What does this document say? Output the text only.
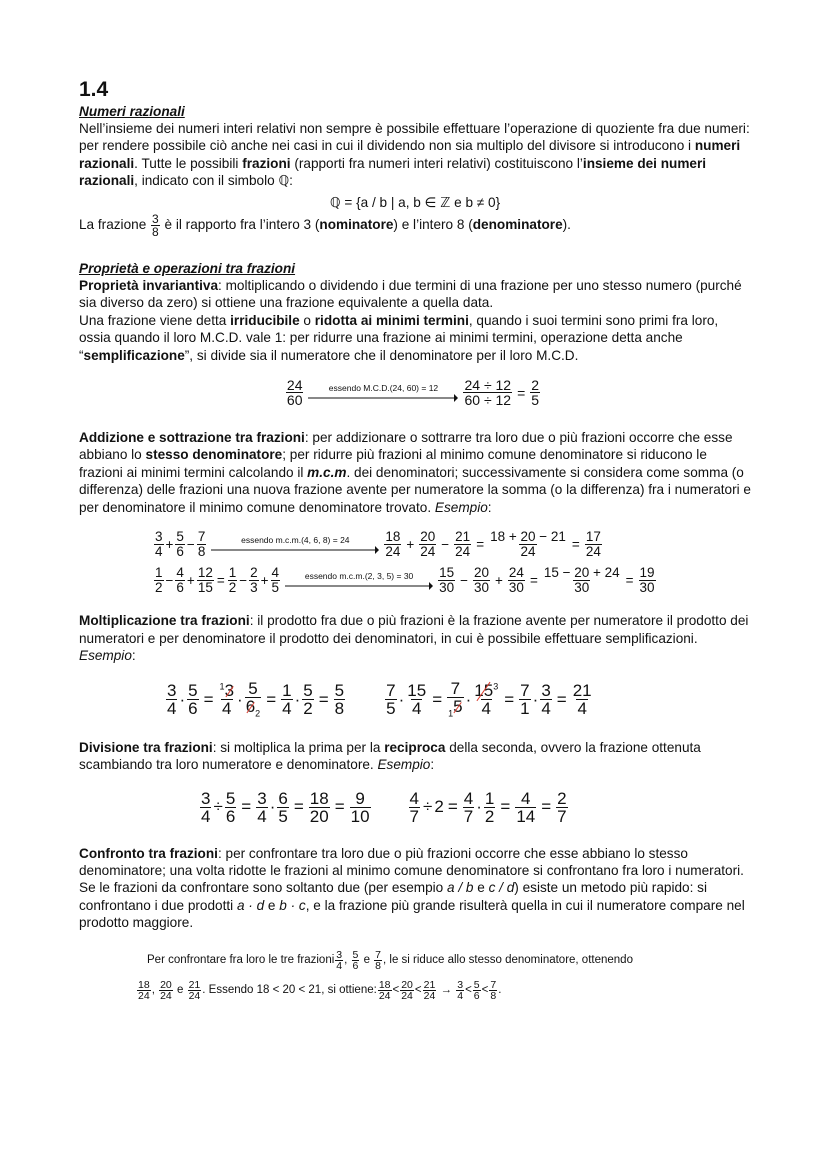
1.4
Numeri razionali

Nell’insieme dei numeri interi relativi non sempre è possibile effettuare l’operazione di quoziente fra due numeri: per rendere possibile ciò anche nei casi in cui il dividendo non sia multiplo del divisore si introducono i numeri razionali. Tutte le possibili frazioni (rapporti fra numeri interi relativi) costituiscono l’insieme dei numeri razionali, indicato con il simbolo ℚ:

ℚ = {a / b | a, b ∈ ℤ e b ≠ 0}

La frazione $\frac{3}{8}$ è il rapporto fra l’intero 3 (nominatore) e l’intero 8 (denominatore).

Proprietà e operazioni tra frazioni

Proprietà invariantiva: moltiplicando o dividendo i due termini di una frazione per uno stesso numero (purché sia diverso da zero) si ottiene una frazione equivalente a quella data.

Una frazione viene detta irriducibile o ridotta ai minimi termini, quando i suoi termini sono primi fra loro, ossia quando il loro M.C.D. vale 1: per ridurre una frazione ai minimi termini, operazione detta anche “semplificazione”, si divide sia il numeratore che il denominatore per il loro M.C.D.

$\frac{24}{60}$	essendo M.C.D.(24, $60) = 12 \frac{24 \div 12}{60 \div 12} = \frac{2}{5}$

Addizione e sottrazione tra frazioni: per addizionare o sottrarre tra loro due o più frazioni occorre che esse abbiano lo stesso denominatore; per ridurre più frazioni al minimo comune denominatore si riducono le frazioni ai minimi termini calcolando il m.c.m. dei denominatori; successivamente si considera come somma (o differenza) delle frazioni una nuova frazione avente per numeratore la somma (o la differenza) fra i numeratori e per denominatore il minimo comune denominatore trovato. Esempio:

$\frac{3}{4} + \frac{5}{6} - \frac{7}{8}$	essendo m.c.m.(4, 6, 8) = 24	$\frac{18}{24} + \frac{20}{24} - \frac{21}{24} = \frac{18 + 20 - 21}{24} = \frac{17}{24}$
$\frac{1}{2} - \frac{4}{6} + \frac{12}{15} = \frac{1}{2} - \frac{2}{3} + \frac{4}{5}$	essendo m.c.m.(2, 3, $5) = 30 \frac{15}{30} - \frac{20}{30} + \frac{24}{30} = \frac{15 - 20 + 24}{30} = \frac{19}{30}$

Moltiplicazione tra frazioni: il prodotto fra due o più frazioni è la frazione avente per numeratore il prodotto dei numeratori e per denominatore il prodotto dei denominatori, in cui è possibile effettuare semplificazioni. Esempio:

$\frac{3}{4} \cdot \frac{5}{6} = \frac{^13}{4} \cdot \frac{5}{6_2} = \frac{1}{4} \cdot \frac{5}{2} = \frac{5}{8} \frac{7}{5} \cdot \frac{15}{4} = \frac{7}{_15} \cdot \frac{15^3}{4} = \frac{7}{1} \cdot \frac{3}{4} = \frac{21}{4}$

Divisione tra frazioni: si moltiplica la prima per la reciproca della seconda, ovvero la frazione ottenuta scambiando tra loro numeratore e denominatore. Esempio:

$\frac{3}{4} \div \frac{5}{6} = \frac{3}{4} \cdot \frac{6}{5} = \frac{18}{20} = \frac{9}{10} \frac{4}{7} \div 2 = \frac{4}{7} \cdot \frac{1}{2} = \frac{4}{14} = \frac{2}{7}$

Confronto tra frazioni: per confrontare tra loro due o più frazioni occorre che esse abbiano lo stesso denominatore; una volta ridotte le frazioni al minimo comune denominatore si confrontano fra loro i numeratori. Se le frazioni da confrontare sono soltanto due (per esempio a / b e c / d) esiste un metodo più rapido: si confrontano i due prodotti a · d e b · c, e la frazione più grande risulterà quella in cui il numeratore compare nel prodotto maggiore.

Per confrontare fra loro le tre frazioni $\frac{3}{4}$ , $\frac{5}{6}$
e
$\frac{7}{8}$ , le si riduce allo stesso denominatore, ottenendo
$\frac{18}{24}$ , $\frac{20}{24}$
e
$\frac{21}{24}$ . Essendo 18 < 20 < 21, si ottiene: $\frac{18}{24} < \frac{20}{24} < \frac{21}{24}$
→
$\frac{3}{4} < \frac{5}{6} < \frac{7}{8}$ .
